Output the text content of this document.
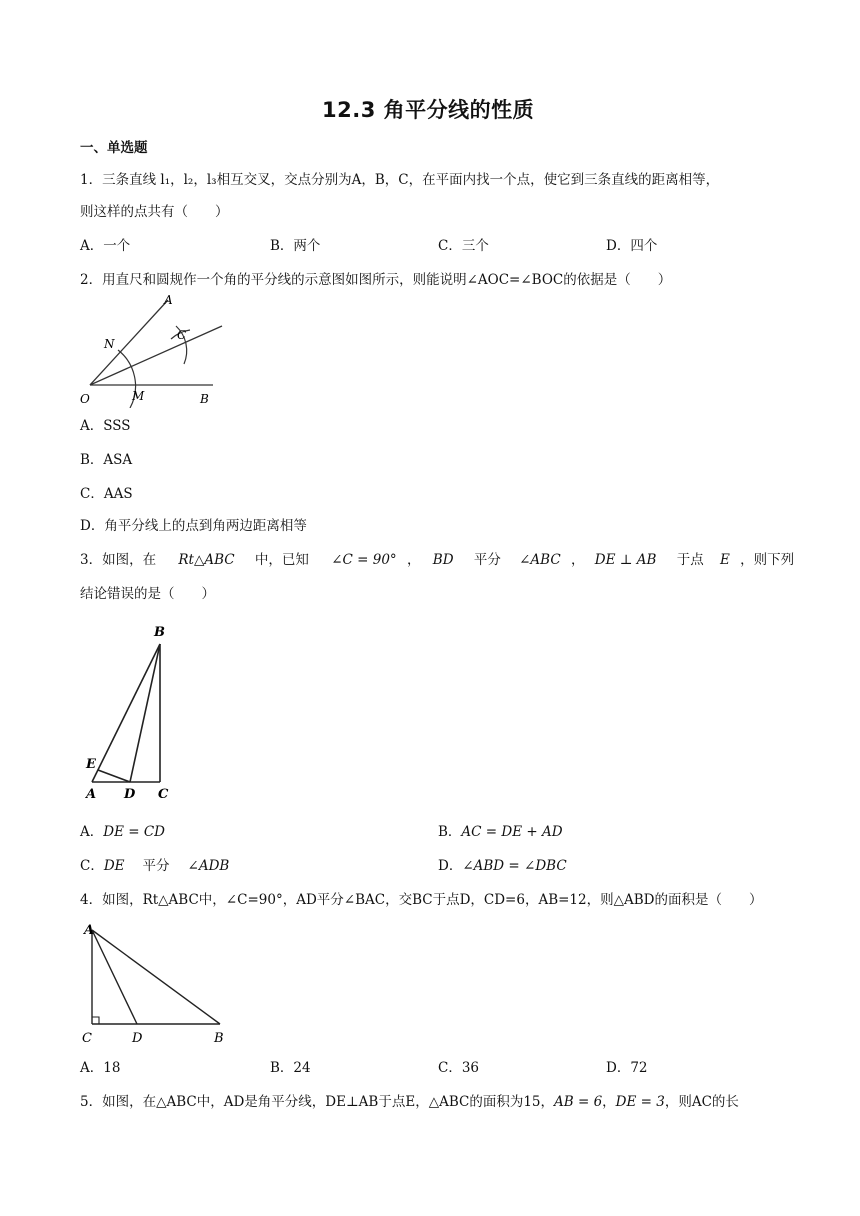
12.3 角平分线的性质
一、单选题
1．三条直线 l₁，l₂，l₃相互交叉，交点分别为A，B，C，在平面内找一个点，使它到三条直线的距离相等，
则这样的点共有（　　）
A．一个	B．两个	C．三个	D．四个
2．用直尺和圆规作一个角的平分线的示意图如图所示，则能说明∠AOC=∠BOC的依据是（　　）
A
N
C
O	M	B
A．SSS
B．ASA
C．AAS
D．角平分线上的点到角两边距离相等
3．如图，在 Rt△ABC 中，已知 ∠C = 90° ， BD 平分 ∠ABC ， DE ⊥ AB 于点 E ，则下列
结论错误的是（　　）
B
E
A D C
A．DE = CD	B．AC = DE + AD
C．DE 平分 ∠ADB	D．∠ABD = ∠DBC
4．如图，Rt△ABC中，∠C=90°，AD平分∠BAC，交BC于点D，CD=6，AB=12，则△ABD的面积是（　　）
A
C	D	B
A．18	B．24	C．36	D．72
5．如图，在△ABC中，AD是角平分线，DE⊥AB于点E，△ABC的面积为15，AB = 6，DE = 3，则AC的长
